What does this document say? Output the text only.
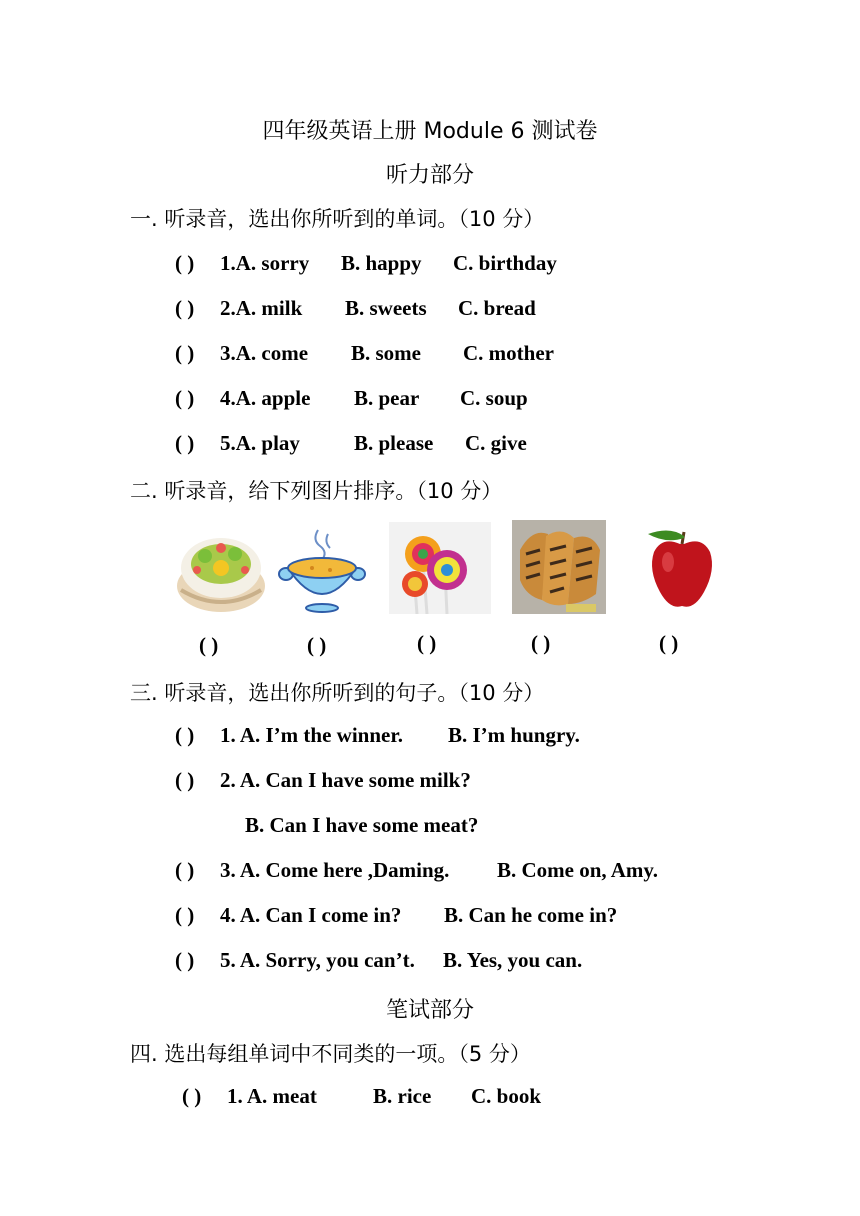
四年级英语上册 Module 6 测试卷
听力部分
一. 听录音，选出你所听到的单词。（10 分）
( ) 1.A. sorry B. happy C. birthday
( ) 2.A. milk B. sweets C. bread
( ) 3.A. come B. some C. mother
( ) 4.A. apple B. pear C. soup
( ) 5.A. play	B. please C. give
二. 听录音，给下列图片排序。（10 分）
( )	( )	( )	( )	( )
三. 听录音，选出你所听到的句子。（10 分）
( ) 1. A. I’m the winner. B. I’m hungry.
( ) 2. A. Can I have some milk?
B. Can I have some meat?
( ) 3. A. Come here ,Daming. B. Come on, Amy.
( ) 4. A. Can I come in? B. Can he come in?
( ) 5. A. Sorry, you can’t. B. Yes, you can.
笔试部分
四. 选出每组单词中不同类的一项。（5 分）
( ) 1. A. meat	B. rice C. book
